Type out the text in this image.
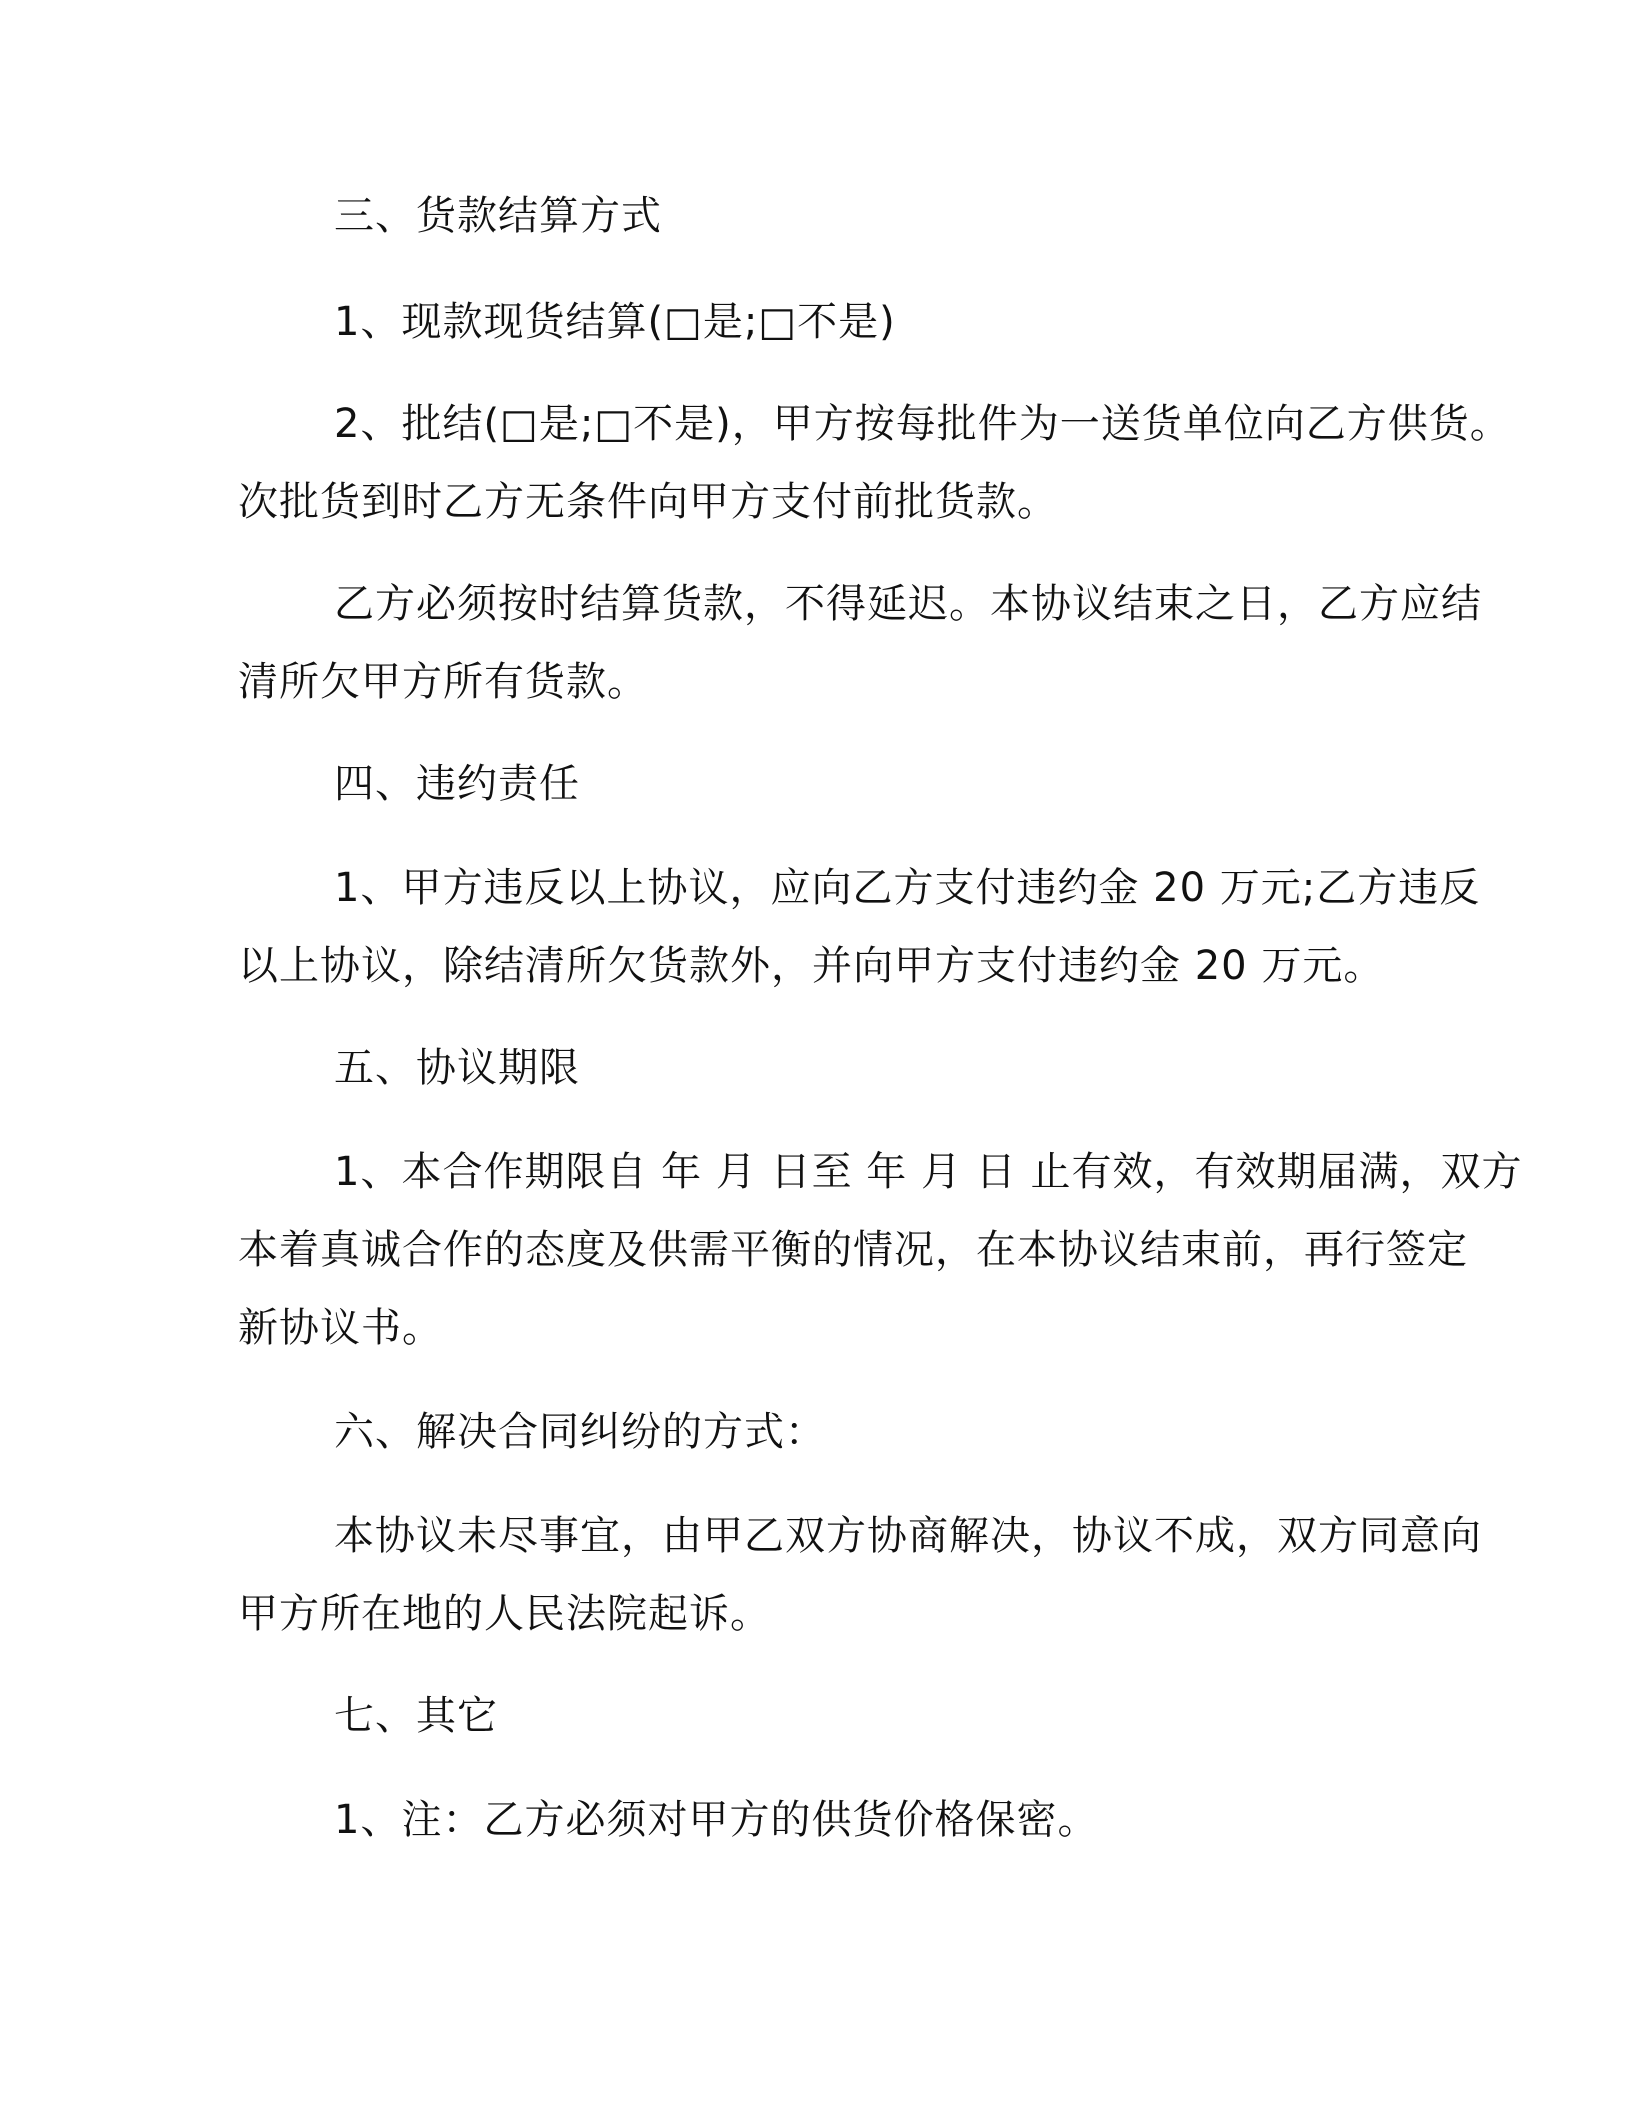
三、货款结算方式

1、现款现货结算(□是;□不是)

2、批结(□是;□不是)，甲方按每批件为一送货单位向乙方供货。

次批货到时乙方无条件向甲方支付前批货款。

乙方必须按时结算货款，不得延迟。本协议结束之日，乙方应结

清所欠甲方所有货款。

四、违约责任

1、甲方违反以上协议，应向乙方支付违约金 20 万元;乙方违反

以上协议，除结清所欠货款外，并向甲方支付违约金 20 万元。

五、协议期限

1、本合作期限自 年 月 日至 年 月 日 止有效，有效期届满，双方

本着真诚合作的态度及供需平衡的情况，在本协议结束前，再行签定

新协议书。

六、解决合同纠纷的方式：

本协议未尽事宜，由甲乙双方协商解决，协议不成，双方同意向

甲方所在地的人民法院起诉。

七、其它

1、注：乙方必须对甲方的供货价格保密。
